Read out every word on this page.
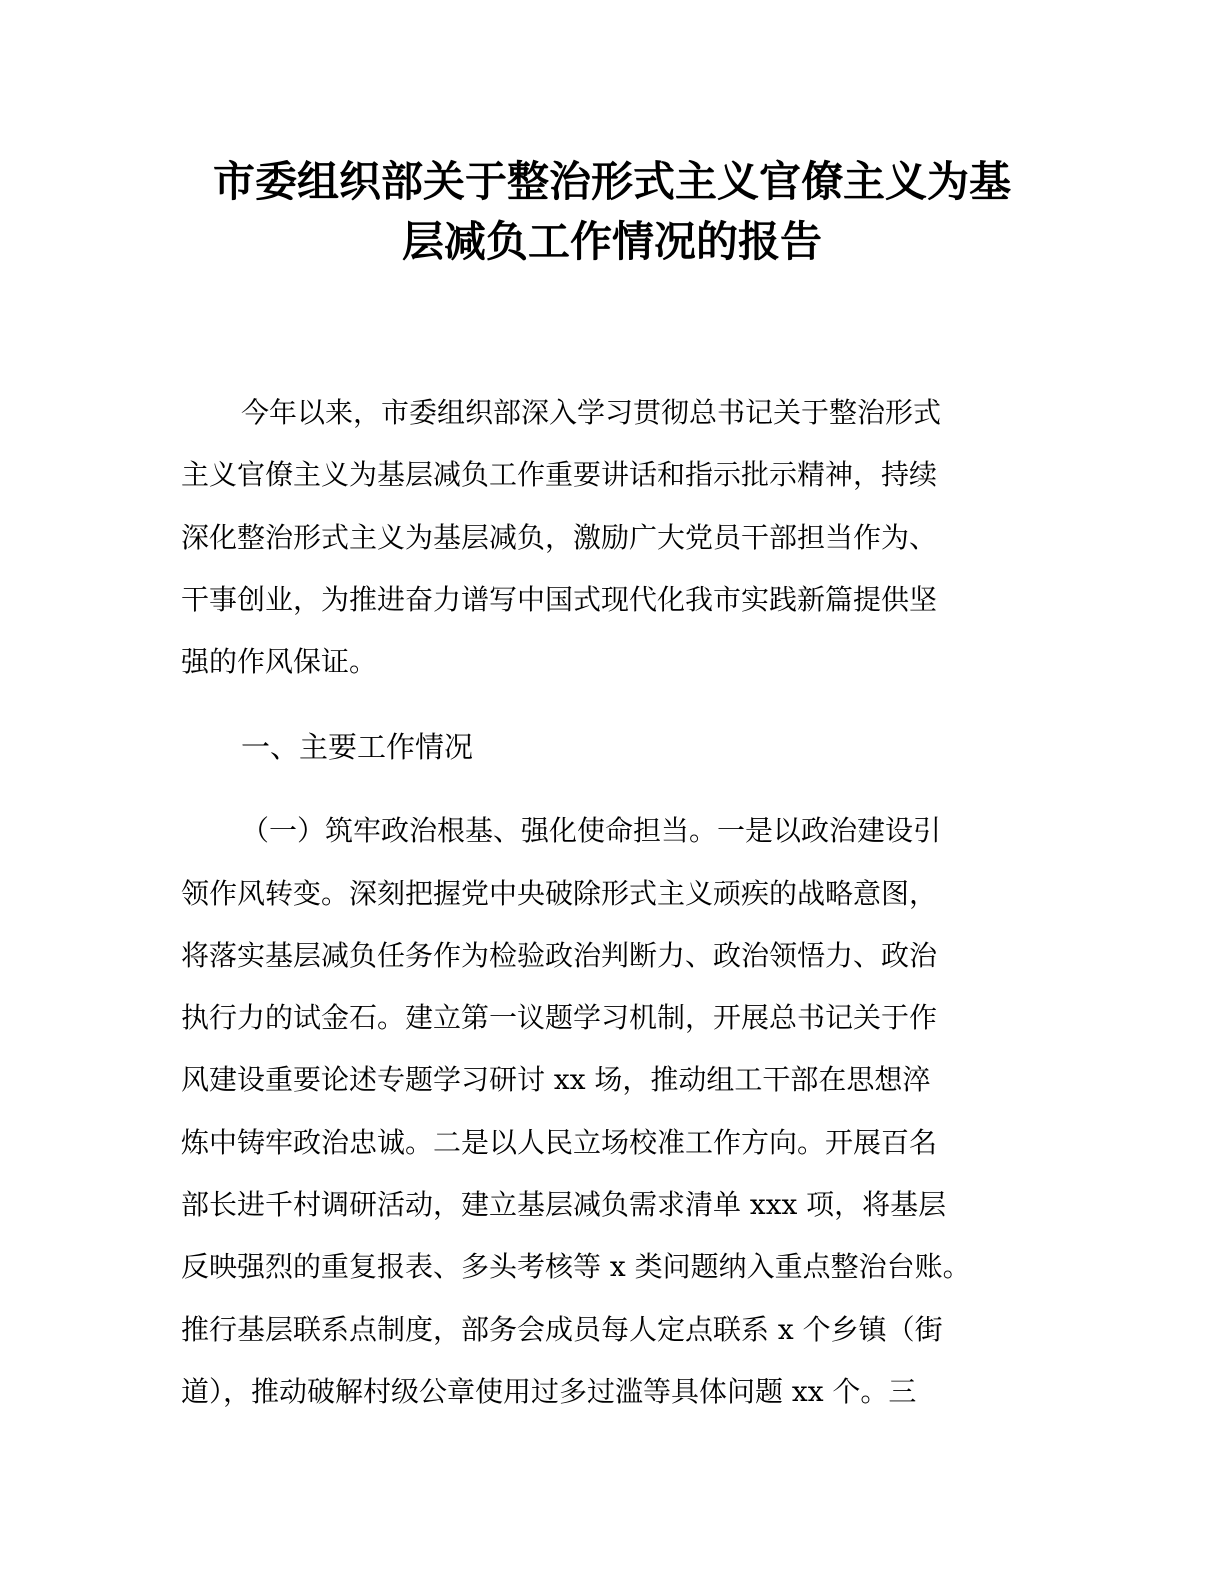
市委组织部关于整治形式主义官僚主义为基
层减负工作情况的报告
今年以来，市委组织部深入学习贯彻总书记关于整治形式
主义官僚主义为基层减负工作重要讲话和指示批示精神，持续
深化整治形式主义为基层减负，激励广大党员干部担当作为、
干事创业，为推进奋力谱写中国式现代化我市实践新篇提供坚
强的作风保证。
一、主要工作情况
（一）筑牢政治根基、强化使命担当。一是以政治建设引
领作风转变。深刻把握党中央破除形式主义顽疾的战略意图，
将落实基层减负任务作为检验政治判断力、政治领悟力、政治
执行力的试金石。建立第一议题学习机制，开展总书记关于作
风建设重要论述专题学习研讨 xx 场，推动组工干部在思想淬
炼中铸牢政治忠诚。二是以人民立场校准工作方向。开展百名
部长进千村调研活动，建立基层减负需求清单 xxx 项，将基层
反映强烈的重复报表、多头考核等 x 类问题纳入重点整治台账。
推行基层联系点制度，部务会成员每人定点联系 x 个乡镇（街
道），推动破解村级公章使用过多过滥等具体问题 xx 个。三
